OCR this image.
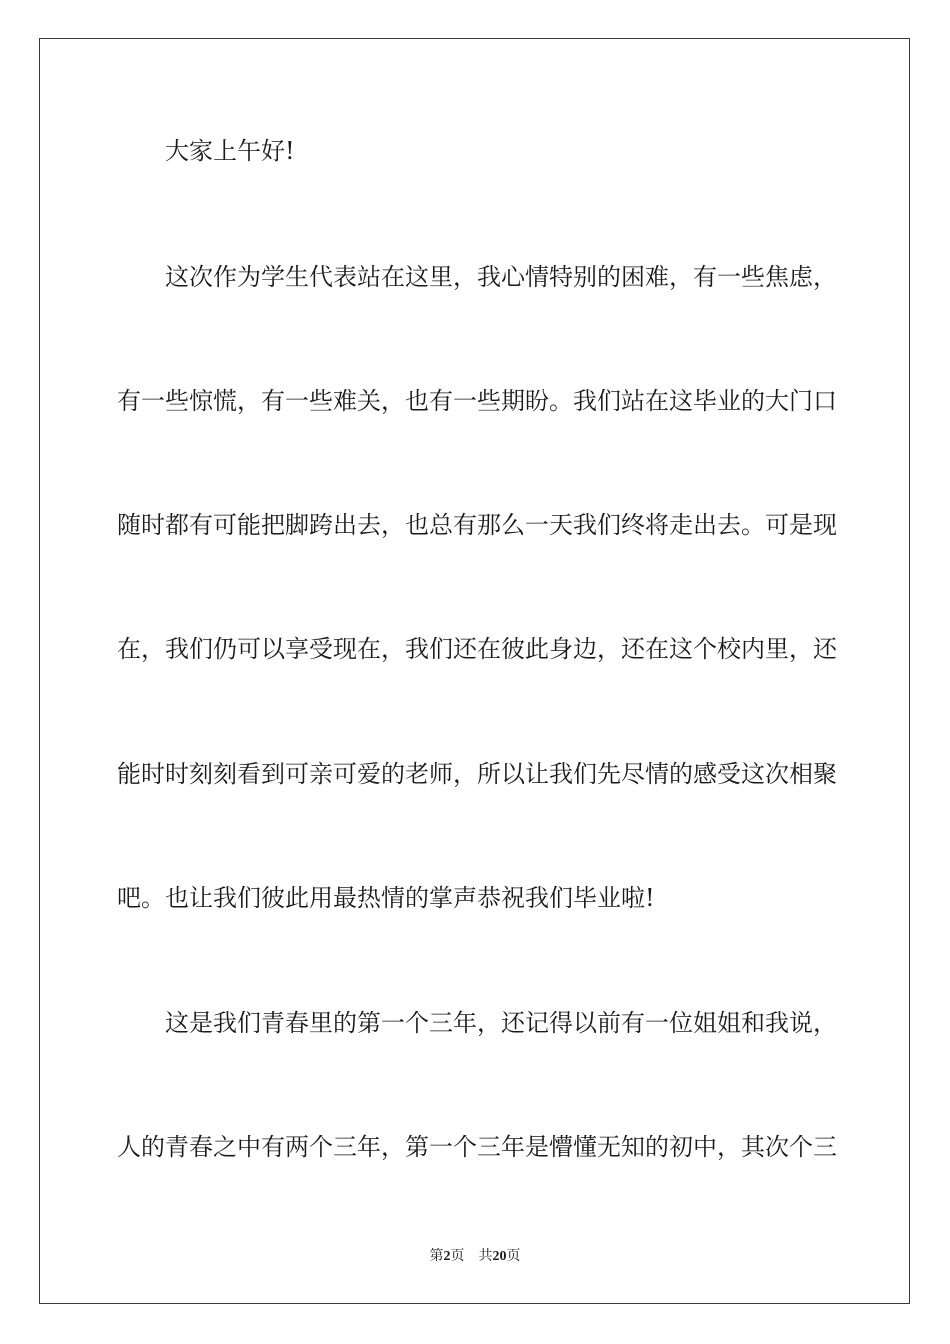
大家上午好!
这次作为学生代表站在这里，我心情特别的困难，有一些焦虑，
有一些惊慌，有一些难关，也有一些期盼。我们站在这毕业的大门口
随时都有可能把脚跨出去，也总有那么一天我们终将走出去。可是现
在，我们仍可以享受现在，我们还在彼此身边，还在这个校内里，还
能时时刻刻看到可亲可爱的老师，所以让我们先尽情的感受这次相聚
吧。也让我们彼此用最热情的掌声恭祝我们毕业啦!
这是我们青春里的第一个三年，还记得以前有一位姐姐和我说，
人的青春之中有两个三年，第一个三年是懵懂无知的初中，其次个三
第2页 共20页
